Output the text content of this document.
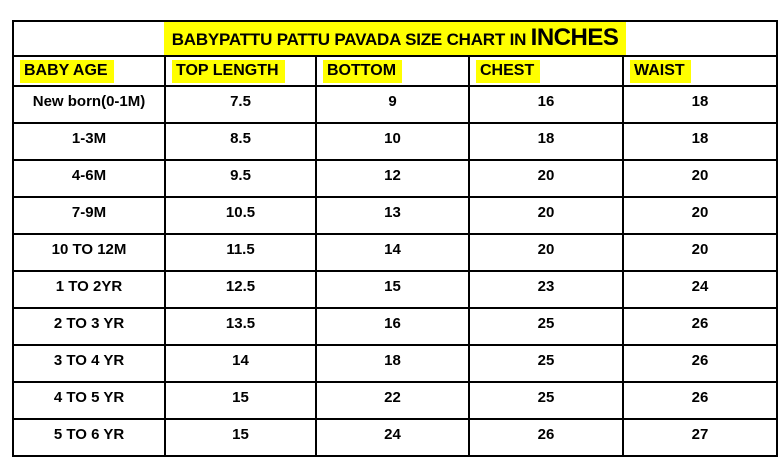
BABYPATTU PATTU PAVADA SIZE CHART IN INCHES				
BABY AGE	TOP LENGTH	BOTTOM	CHEST	WAIST
New born(0-1M)	7.5	9	16	18
1-3M	8.5	10	18	18
4-6M	9.5	12	20	20
7-9M	10.5	13	20	20
10 TO 12M	11.5	14	20	20
1 TO 2YR	12.5	15	23	24
2 TO 3 YR	13.5	16	25	26
3 TO 4 YR	14	18	25	26
4 TO 5 YR	15	22	25	26
5 TO 6 YR	15	24	26	27
